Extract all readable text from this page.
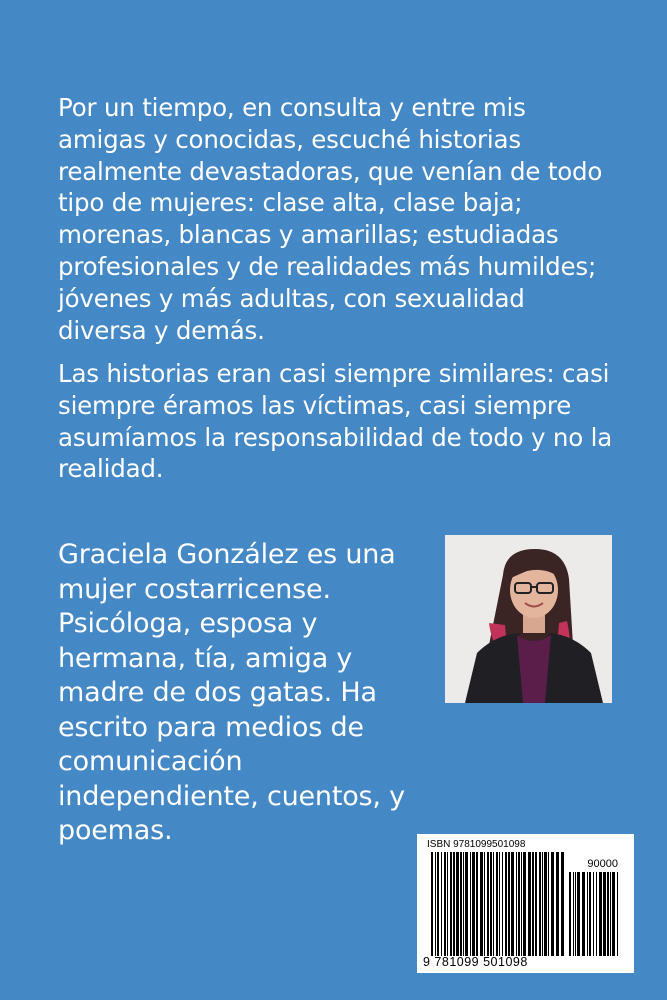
Por un tiempo, en consulta y entre mis amigas y conocidas, escuché historias realmente devastadoras, que venían de todo tipo de mujeres: clase alta, clase baja; morenas, blancas y amarillas; estudiadas profesionales y de realidades más humildes; jóvenes y más adultas, con sexualidad diversa y demás.

Las historias eran casi siempre similares: casi siempre éramos las víctimas, casi siempre asumíamos la responsabilidad de todo y no la realidad.

Graciela González es una mujer costarricense. Psicóloga, esposa y hermana, tía, amiga y madre de dos gatas. Ha escrito para medios de comunicación independiente, cuentos, y poemas.	ISBN 9781099501098
90000
9 781099 501098
